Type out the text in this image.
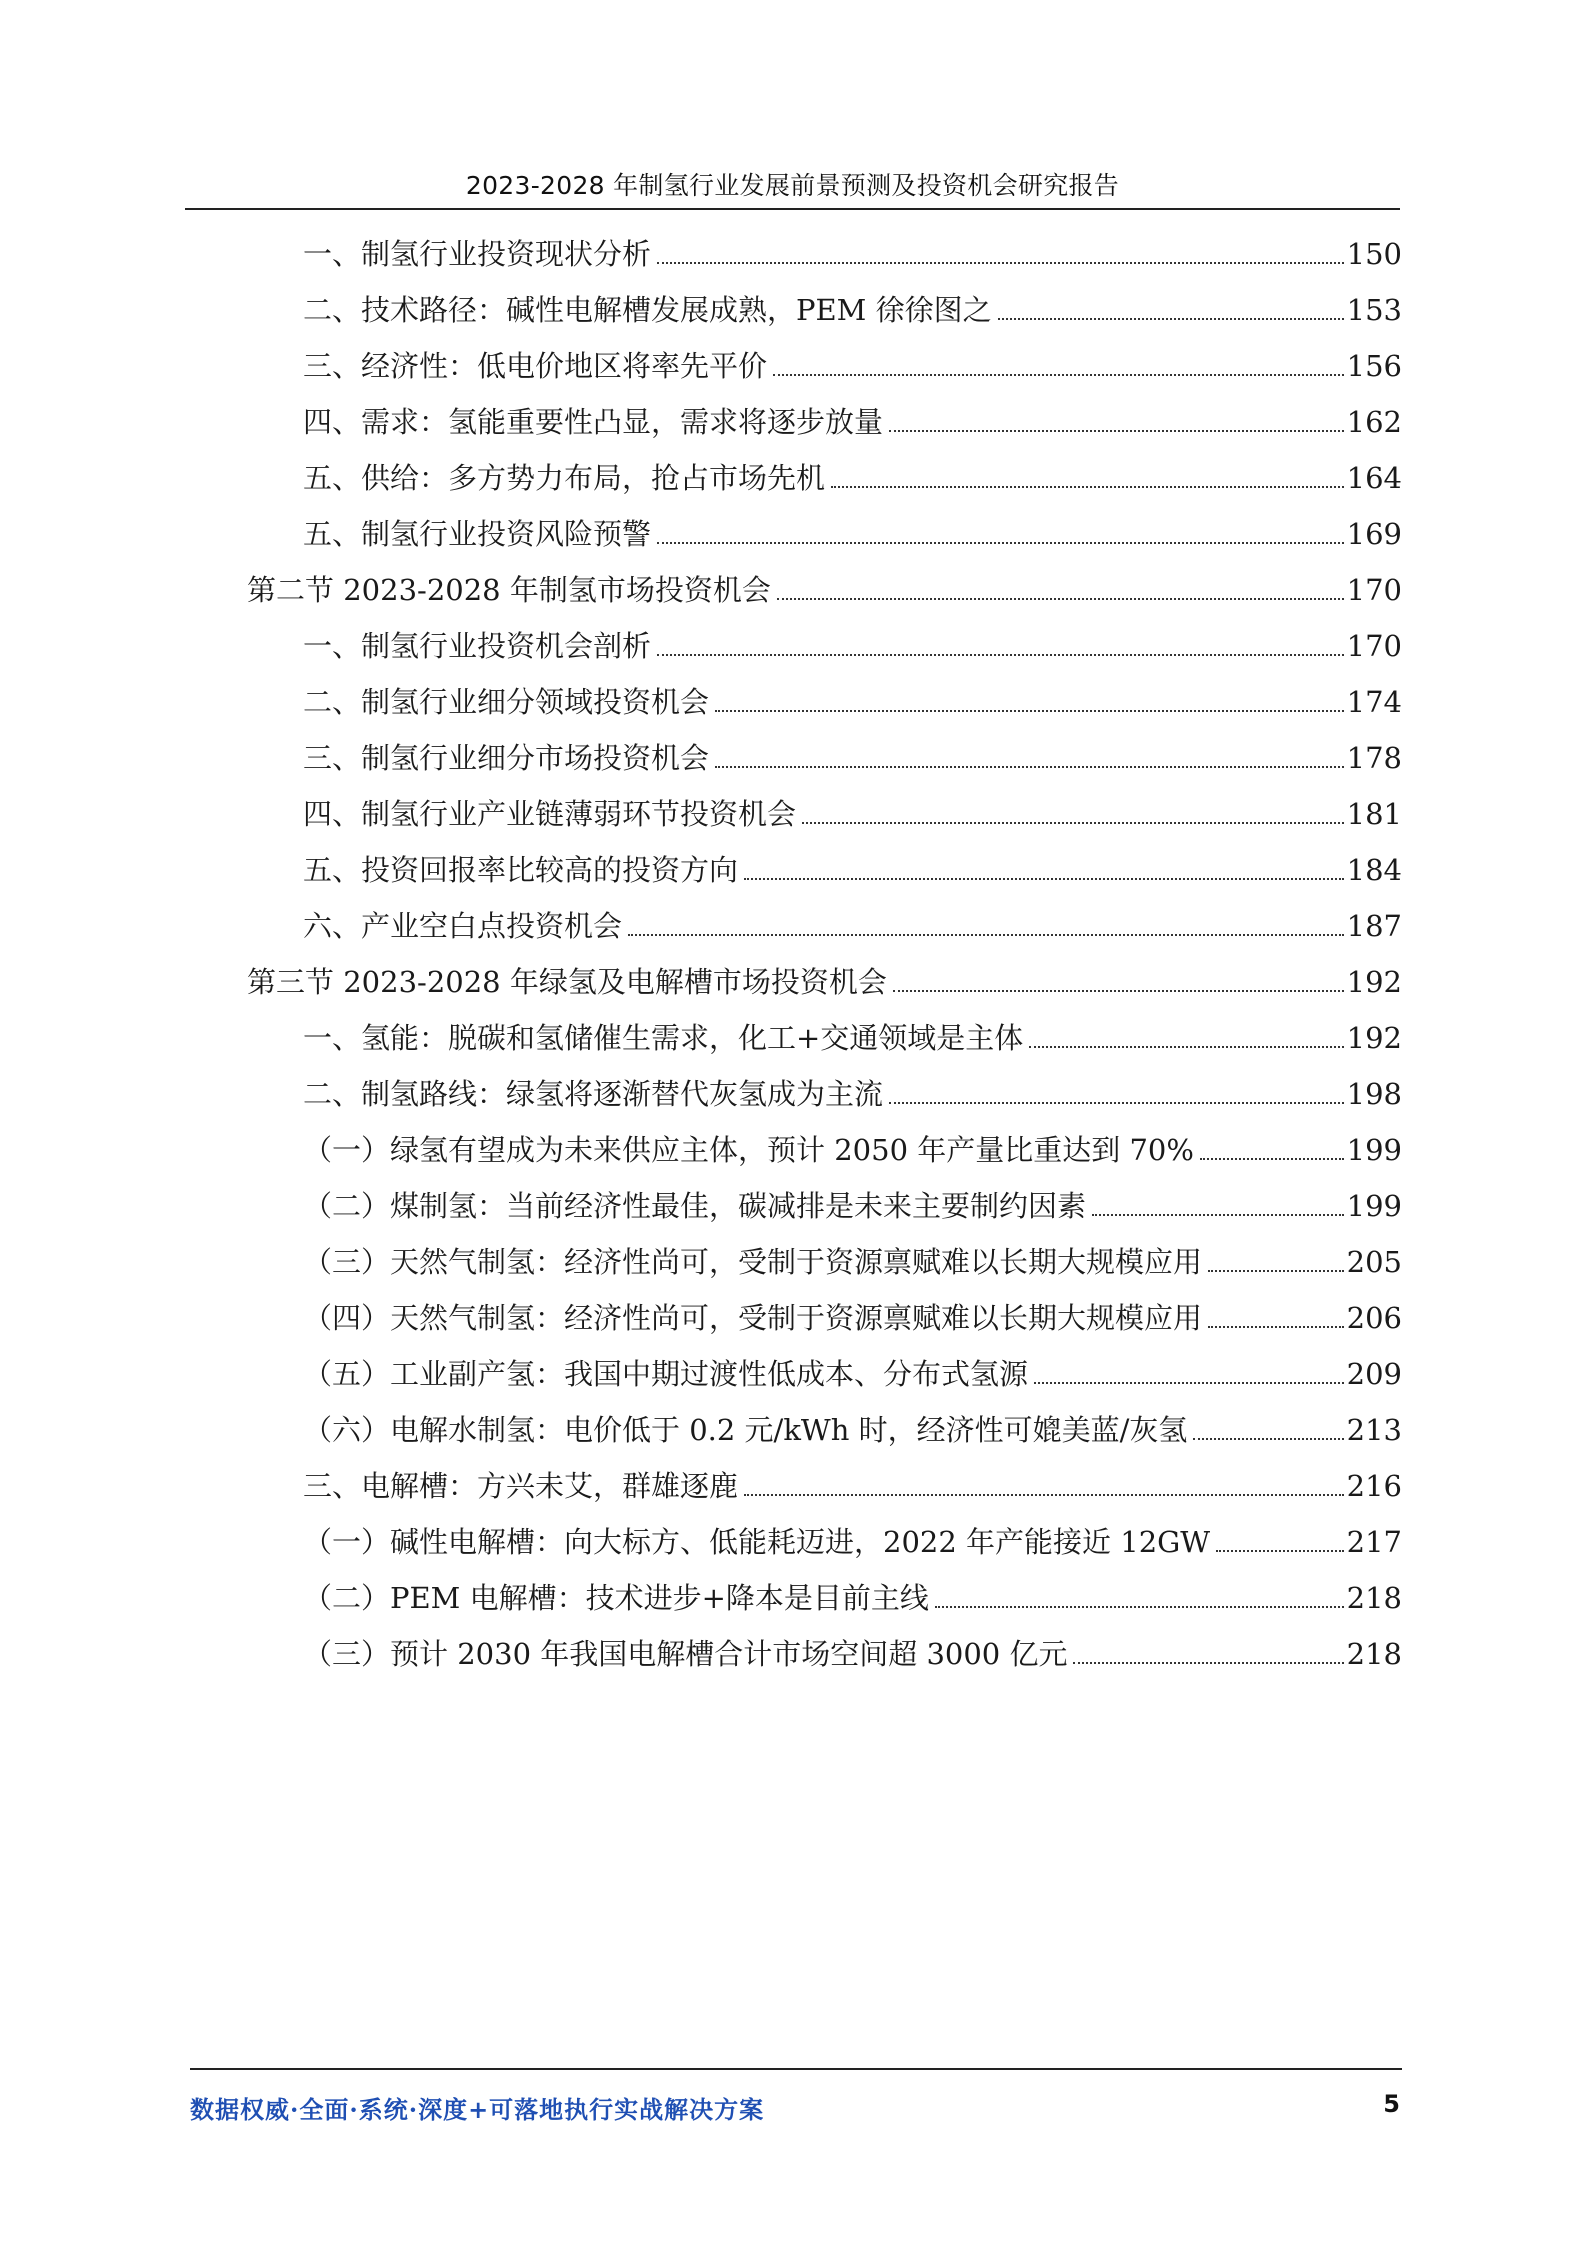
2023-2028 年制氢行业发展前景预测及投资机会研究报告
一、制氢行业投资现状分析	150
二、技术路径：碱性电解槽发展成熟，PEM 徐徐图之	153
三、经济性：低电价地区将率先平价	156
四、需求：氢能重要性凸显，需求将逐步放量	162
五、供给：多方势力布局，抢占市场先机	164
五、制氢行业投资风险预警	169
第二节 2023-2028 年制氢市场投资机会	170
一、制氢行业投资机会剖析	170
二、制氢行业细分领域投资机会	174
三、制氢行业细分市场投资机会	178
四、制氢行业产业链薄弱环节投资机会	181
五、投资回报率比较高的投资方向	184
六、产业空白点投资机会	187
第三节 2023-2028 年绿氢及电解槽市场投资机会	192
一、氢能：脱碳和氢储催生需求，化工+交通领域是主体	192
二、制氢路线：绿氢将逐渐替代灰氢成为主流	198
（一）绿氢有望成为未来供应主体，预计 2050 年产量比重达到 70%	199
（二）煤制氢：当前经济性最佳，碳减排是未来主要制约因素	199
（三）天然气制氢：经济性尚可，受制于资源禀赋难以长期大规模应用	205
（四）天然气制氢：经济性尚可，受制于资源禀赋难以长期大规模应用	206
（五）工业副产氢：我国中期过渡性低成本、分布式氢源	209
（六）电解水制氢：电价低于 0.2 元/kWh 时，经济性可媲美蓝/灰氢	213
三、电解槽：方兴未艾，群雄逐鹿	216
（一）碱性电解槽：向大标方、低能耗迈进，2022 年产能接近 12GW	217
（二）PEM 电解槽：技术进步+降本是目前主线	218
（三）预计 2030 年我国电解槽合计市场空间超 3000 亿元	218
数据权威·全面·系统·深度+可落地执行实战解决方案	5
